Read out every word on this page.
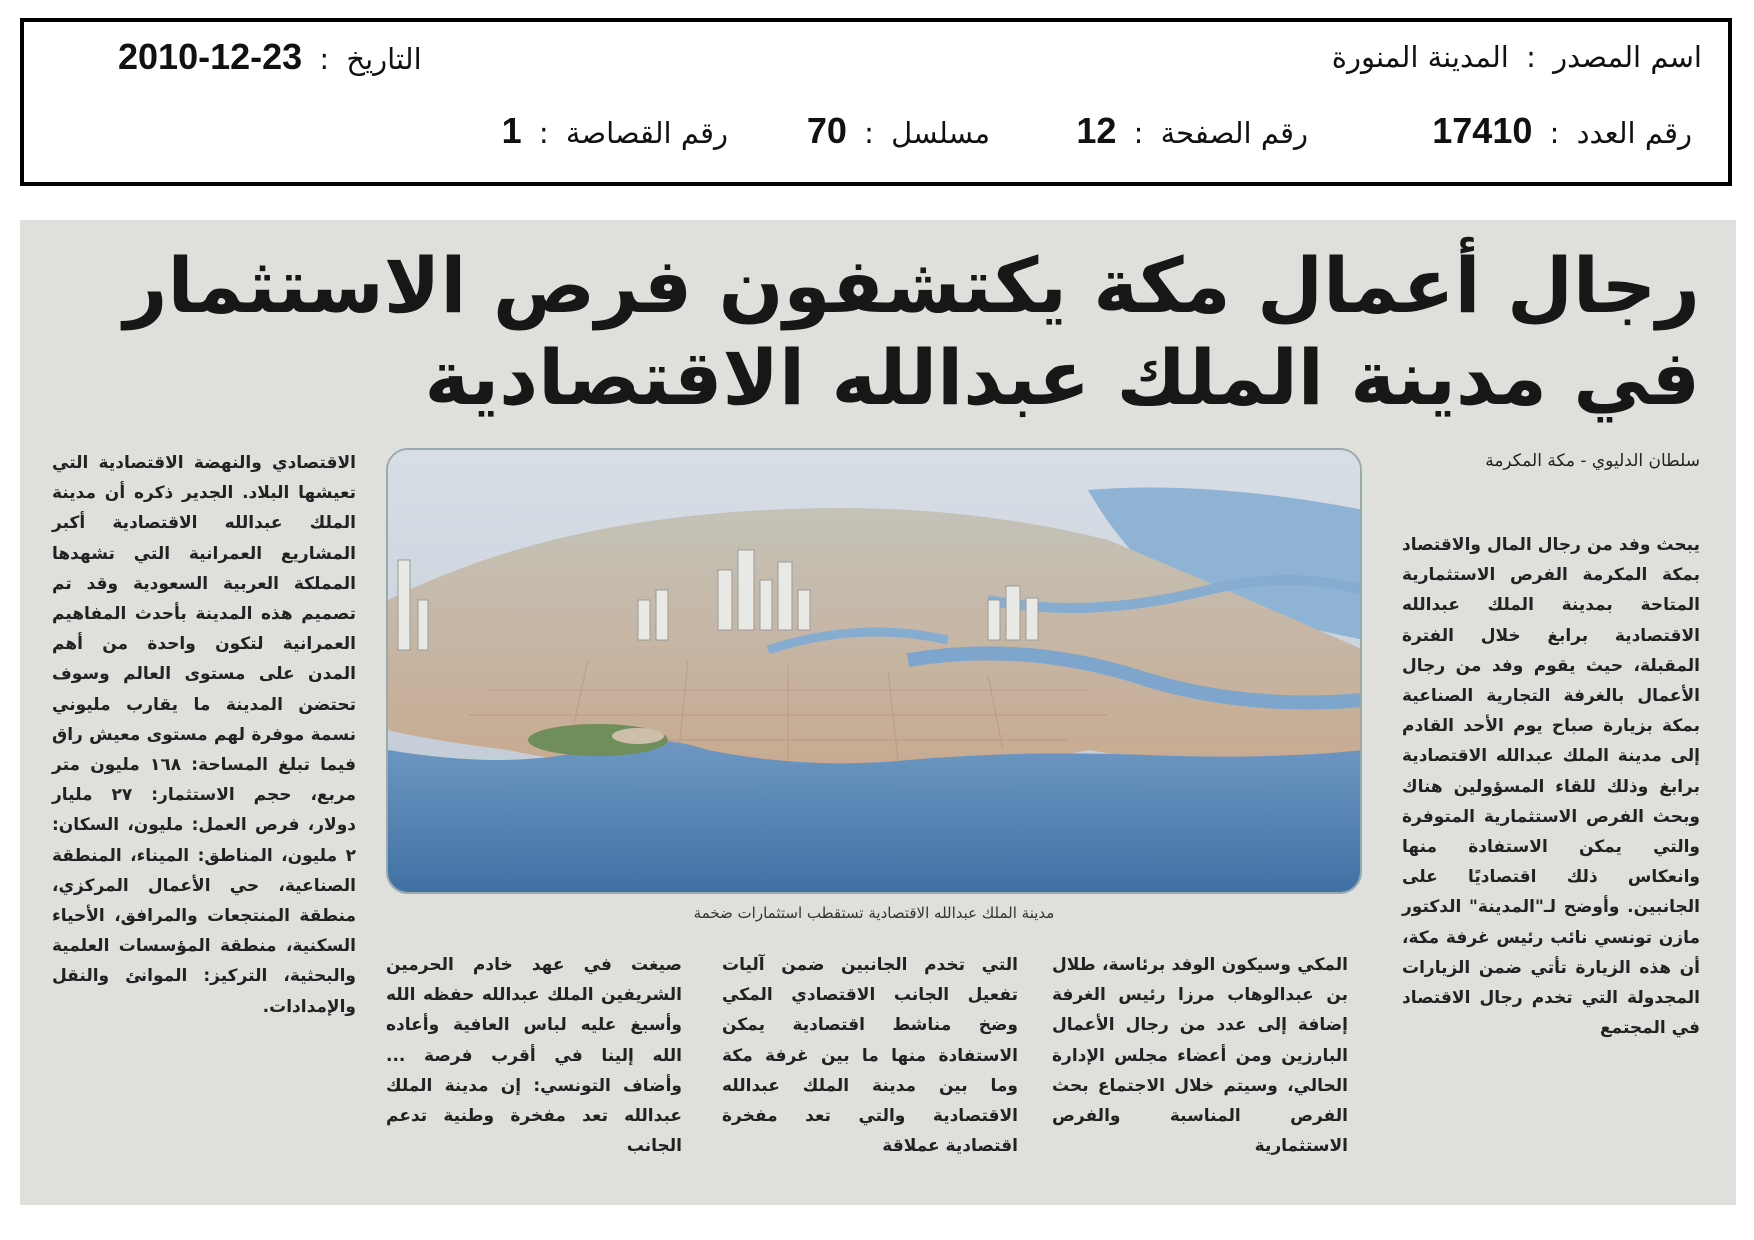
اسم المصدر : المدينة المنورة
التاريخ : 2010-12-23
رقم العدد : 17410
رقم الصفحة : 12
مسلسل : 70
رقم القصاصة : 1
رجال أعمال مكة يكتشفون فرص الاستثمار
في مدينة الملك عبدالله الاقتصادية
سلطان الدليوي - مكة المكرمة
مدينة الملك عبدالله الاقتصادية تستقطب استثمارات ضخمة
يبحث وفد من رجال المال والاقتصاد بمكة المكرمة الفرص الاستثمارية المتاحة بمدينة الملك عبدالله الاقتصادية برابغ خلال الفترة المقبلة، حيث يقوم وفد من رجال الأعمال بالغرفة التجارية الصناعية بمكة بزيارة صباح يوم الأحد القادم إلى مدينة الملك عبدالله الاقتصادية برابغ وذلك للقاء المسؤولين هناك وبحث الفرص الاستثمارية المتوفرة والتي يمكن الاستفادة منها وانعكاس ذلك اقتصاديًا على الجانبين. وأوضح لـ"المدينة" الدكتور مازن تونسي نائب رئيس غرفة مكة، أن هذه الزيارة تأتي ضمن الزيارات المجدولة التي تخدم رجال الاقتصاد في المجتمع
المكي وسيكون الوفد برئاسة، طلال بن عبدالوهاب مرزا رئيس الغرفة إضافة إلى عدد من رجال الأعمال البارزين ومن أعضاء مجلس الإدارة الحالي، وسيتم خلال الاجتماع بحث الفرص المناسبة والفرص الاستثمارية
التي تخدم الجانبين ضمن آليات تفعيل الجانب الاقتصادي المكي وضخ مناشط اقتصادية يمكن الاستفادة منها ما بين غرفة مكة وما بين مدينة الملك عبدالله الاقتصادية والتي تعد مفخرة اقتصادية عملاقة
صيغت في عهد خادم الحرمين الشريفين الملك عبدالله حفظه الله وأسبغ عليه لباس العافية وأعاده الله إلينا في أقرب فرصة ... وأضاف التونسي: إن مدينة الملك عبدالله تعد مفخرة وطنية تدعم الجانب
الاقتصادي والنهضة الاقتصادية التي تعيشها البلاد. الجدير ذكره أن مدينة الملك عبدالله الاقتصادية أكبر المشاريع العمرانية التي تشهدها المملكة العربية السعودية وقد تم تصميم هذه المدينة بأحدث المفاهيم العمرانية لتكون واحدة من أهم المدن على مستوى العالم وسوف تحتضن المدينة ما يقارب مليوني نسمة موفرة لهم مستوى معيش راق فيما تبلغ المساحة: ١٦٨ مليون متر مربع، حجم الاستثمار: ٢٧ مليار دولار، فرص العمل: مليون، السكان: ٢ مليون، المناطق: الميناء، المنطقة الصناعية، حي الأعمال المركزي، منطقة المنتجعات والمرافق، الأحياء السكنية، منطقة المؤسسات العلمية والبحثية، التركيز: الموانئ والنقل والإمدادات.
